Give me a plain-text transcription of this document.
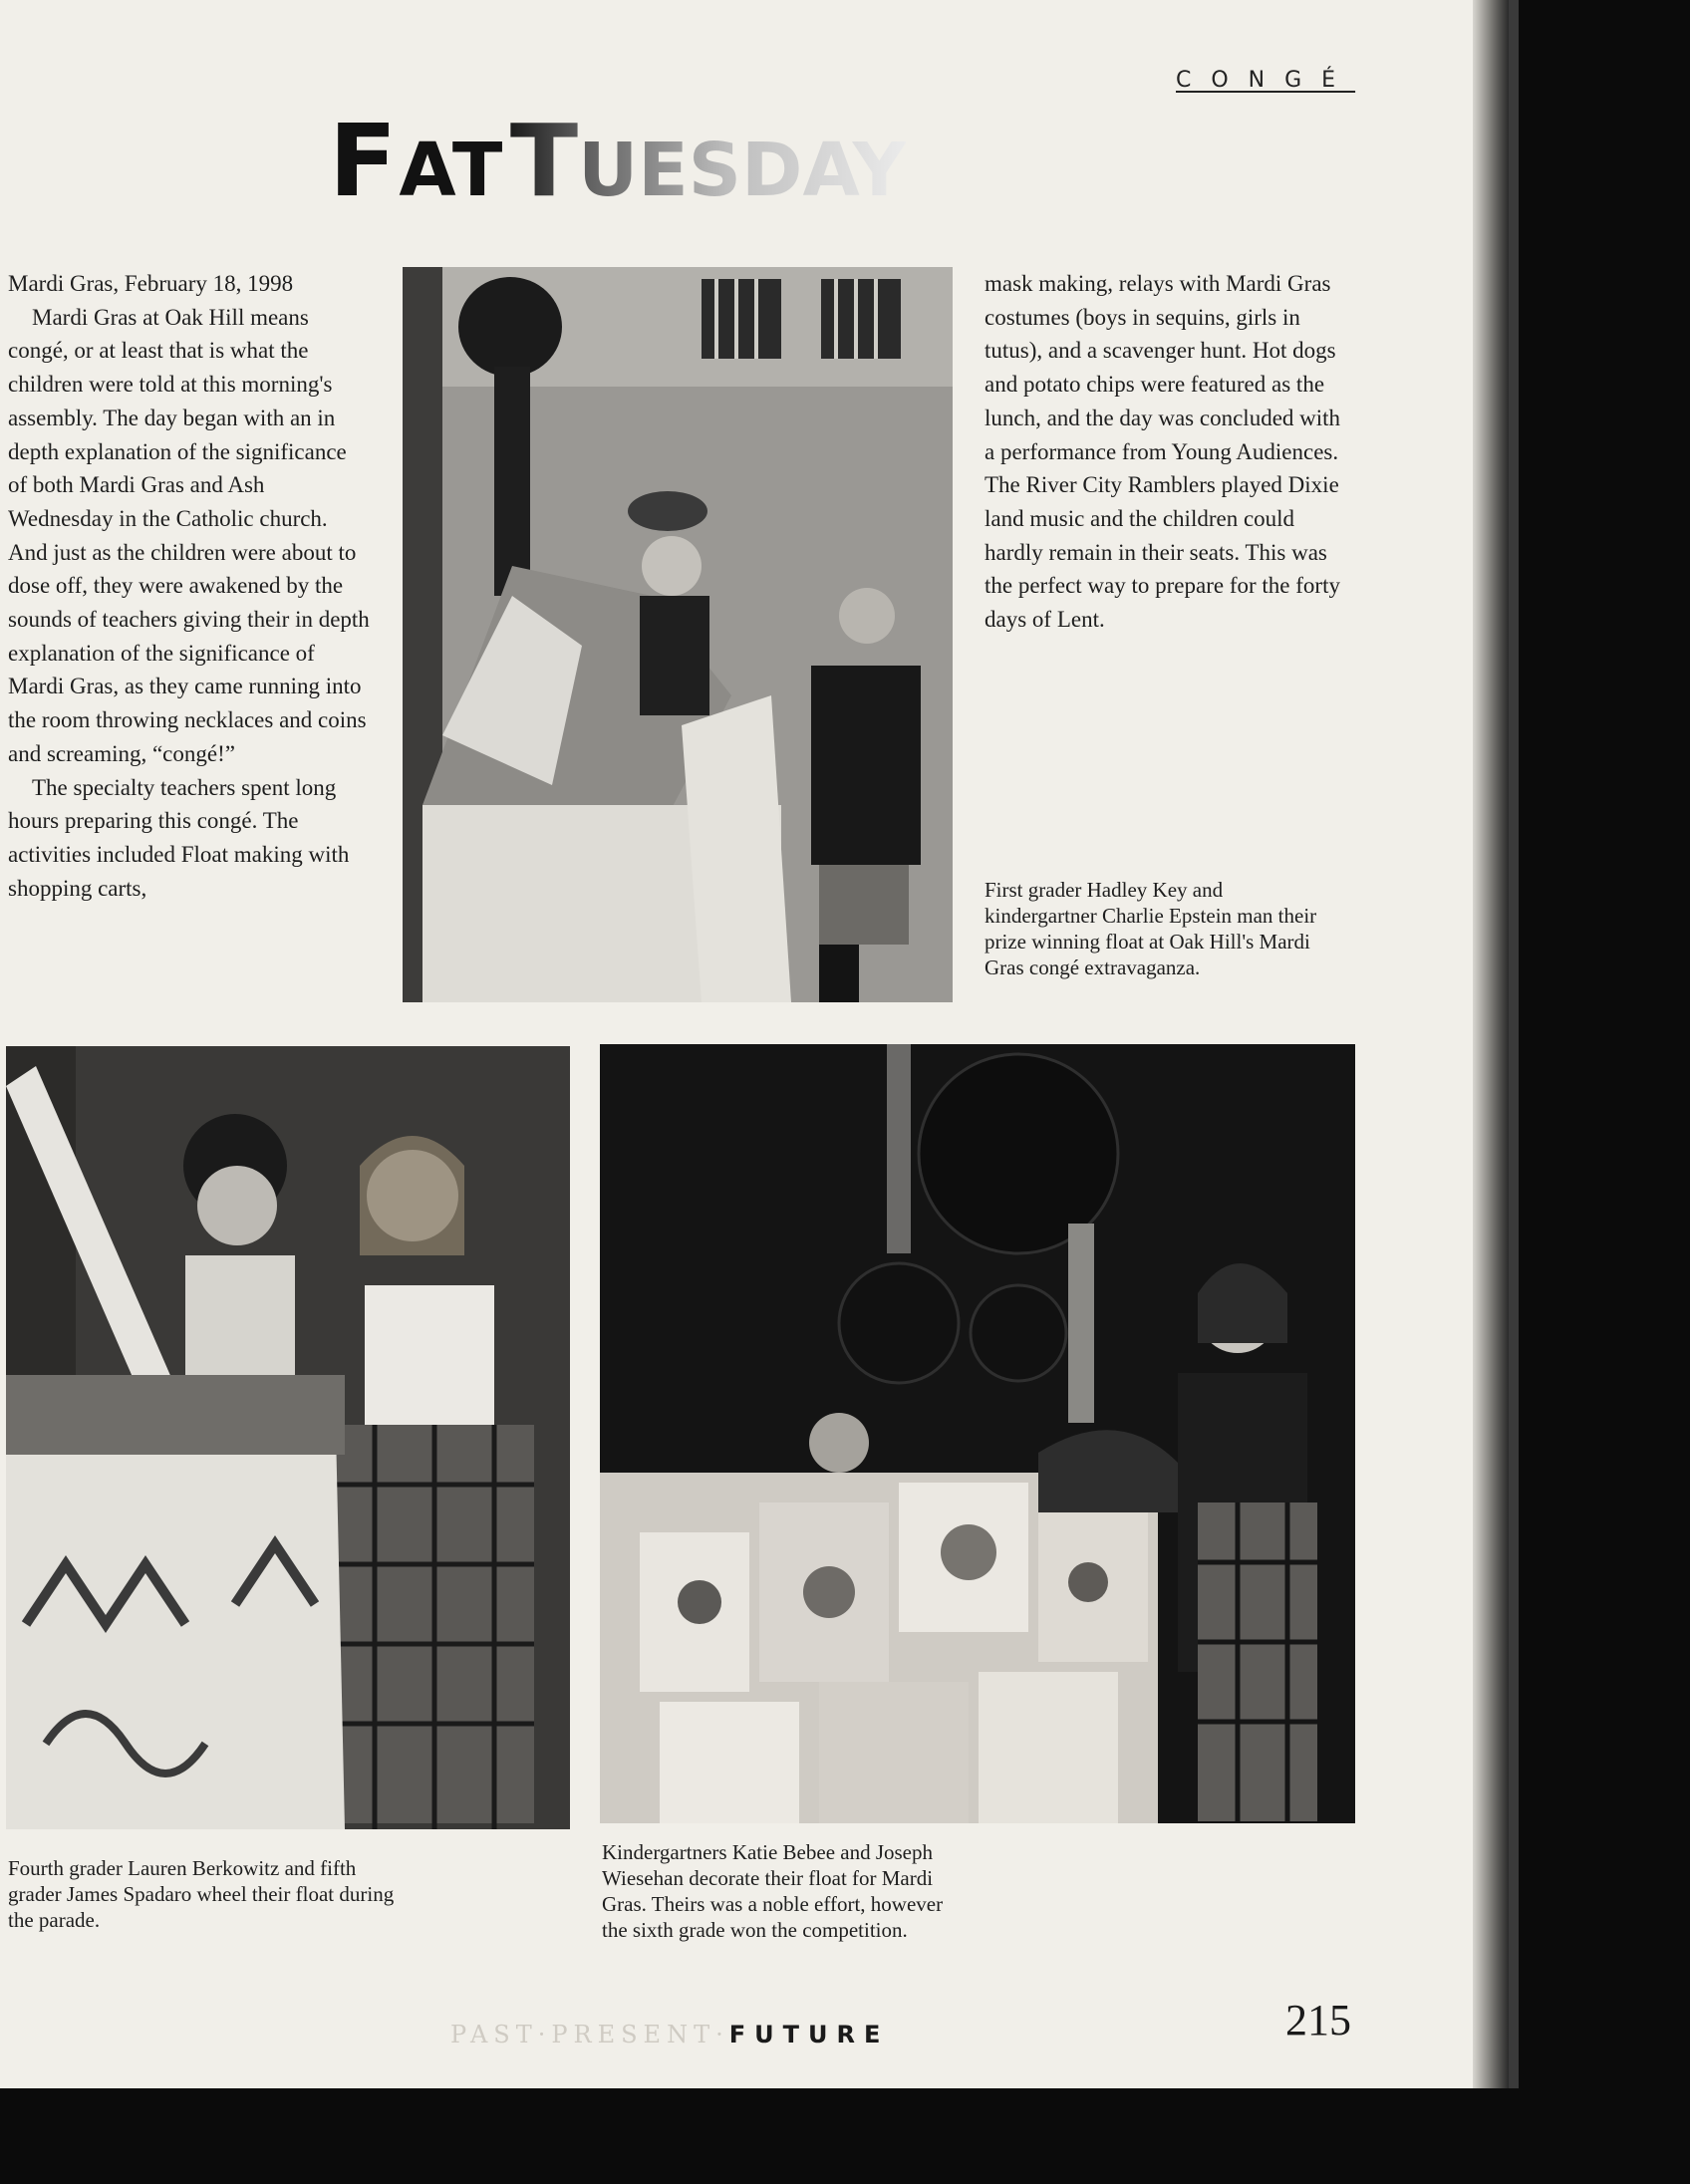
CONGÉ
FAT TUESDAY

Mardi Gras, February 18, 1998

Mardi Gras at Oak Hill means congé, or at least that is what the children were told at this morning's assembly. The day began with an in depth explanation of the significance of both Mardi Gras and Ash Wednesday in the Catholic church. And just as the children were about to dose off, they were awakened by the sounds of teachers giving their in depth explanation of the significance of Mardi Gras, as they came running into the room throwing necklaces and coins and screaming, “congé!”

The specialty teachers spent long hours preparing this congé. The activities included Float making with shopping carts,

mask making, relays with Mardi Gras costumes (boys in sequins, girls in tutus), and a scavenger hunt. Hot dogs and potato chips were featured as the lunch, and the day was concluded with a performance from Young Audiences. The River City Ramblers played Dixie land music and the children could hardly remain in their seats. This was the perfect way to prepare for the forty days of Lent.

First grader Hadley Key and kindergartner Charlie Epstein man their prize winning float at Oak Hill's Mardi Gras congé extravaganza.
Fourth grader Lauren Berkowitz and fifth grader James Spadaro wheel their float during the parade.
Kindergartners Katie Bebee and Joseph Wiesehan decorate their float for Mardi Gras. Theirs was a noble effort, however the sixth grade won the competition.
PAST·PRESENT·FUTURE	215
